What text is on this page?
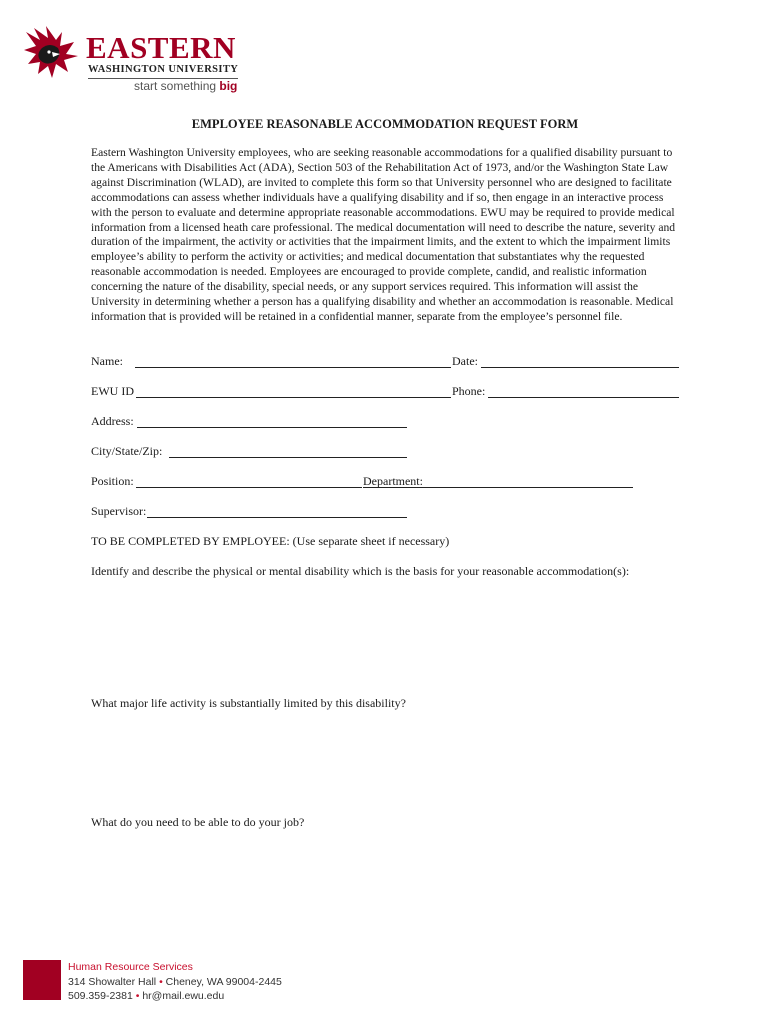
EASTERN
WASHINGTON UNIVERSITY
start something big
EMPLOYEE REASONABLE ACCOMMODATION REQUEST FORM
Eastern Washington University employees, who are seeking reasonable accommodations for a qualified disability pursuant to the Americans with Disabilities Act (ADA), Section 503 of the Rehabilitation Act of 1973, and/or the Washington State Law against Discrimination (WLAD), are invited to complete this form so that University personnel who are designed to facilitate accommodations can assess whether individuals have a qualifying disability and if so, then engage in an interactive process with the person to evaluate and determine appropriate reasonable accommodations. EWU may be required to provide medical information from a licensed heath care professional. The medical documentation will need to describe the nature, severity and duration of the impairment, the activity or activities that the impairment limits, and the extent to which the impairment limits employee’s ability to perform the activity or activities; and medical documentation that substantiates why the requested reasonable accommodation is needed. Employees are encouraged to provide complete, candid, and realistic information concerning the nature of the disability, special needs, or any support services required. This information will assist the University in determining whether a person has a qualifying disability and whether an accommodation is reasonable. Medical information that is provided will be retained in a confidential manner, separate from the employee’s personnel file.
Name:	Date:
EWU ID	Phone:
Address:
City/State/Zip:
Position:	Department:
Supervisor:
TO BE COMPLETED BY EMPLOYEE: (Use separate sheet if necessary)
Identify and describe the physical or mental disability which is the basis for your reasonable accommodation(s):
What major life activity is substantially limited by this disability?
What do you need to be able to do your job?
Human Resource Services
314 Showalter Hall • Cheney, WA 99004-2445
509.359-2381 • hr@mail.ewu.edu
